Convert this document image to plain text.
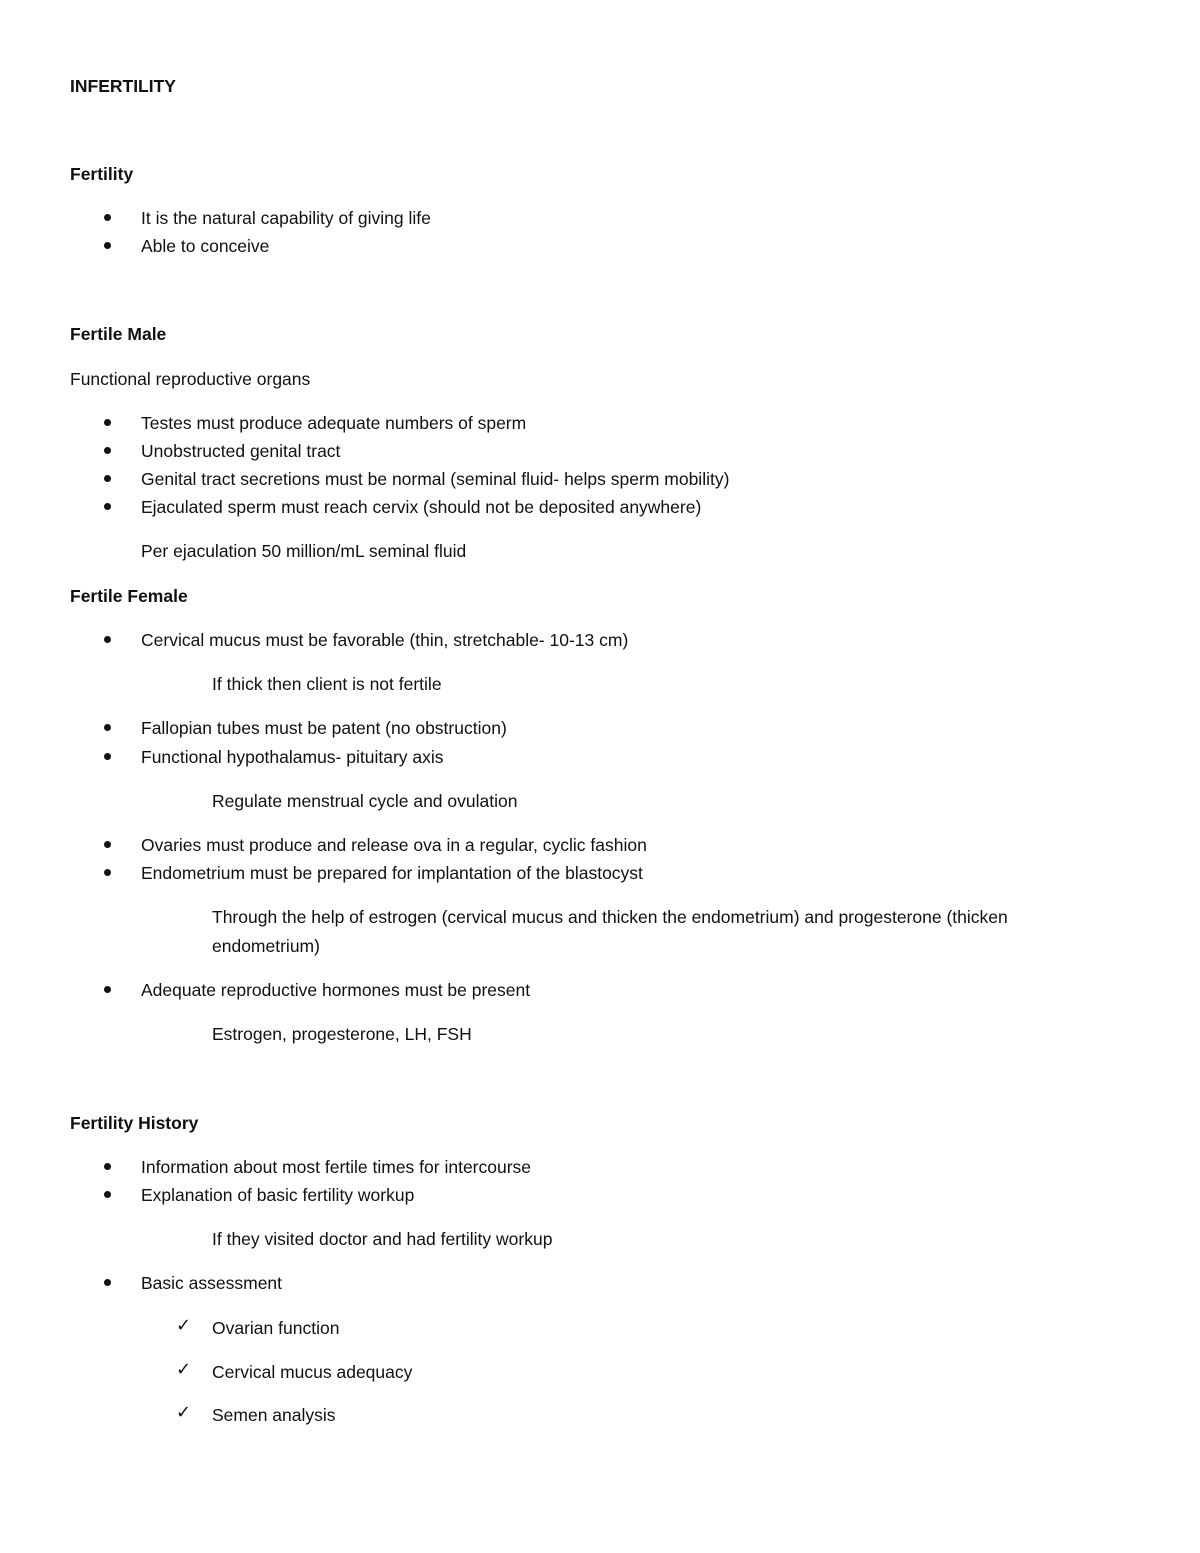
INFERTILITY
Fertility
It is the natural capability of giving life
Able to conceive
Fertile Male
Functional reproductive organs
Testes must produce adequate numbers of sperm
Unobstructed genital tract
Genital tract secretions must be normal (seminal fluid- helps sperm mobility)
Ejaculated sperm must reach cervix (should not be deposited anywhere)
Per ejaculation 50 million/mL seminal fluid
Fertile Female
Cervical mucus must be favorable (thin, stretchable- 10-13 cm)
If thick then client is not fertile
Fallopian tubes must be patent (no obstruction)
Functional hypothalamus- pituitary axis
Regulate menstrual cycle and ovulation
Ovaries must produce and release ova in a regular, cyclic fashion
Endometrium must be prepared for implantation of the blastocyst
Through the help of estrogen (cervical mucus and thicken the endometrium) and progesterone (thicken
endometrium)
Adequate reproductive hormones must be present
Estrogen, progesterone, LH, FSH
Fertility History
Information about most fertile times for intercourse
Explanation of basic fertility workup
If they visited doctor and had fertility workup
Basic assessment
✓ Ovarian function
✓ Cervical mucus adequacy
✓ Semen analysis
